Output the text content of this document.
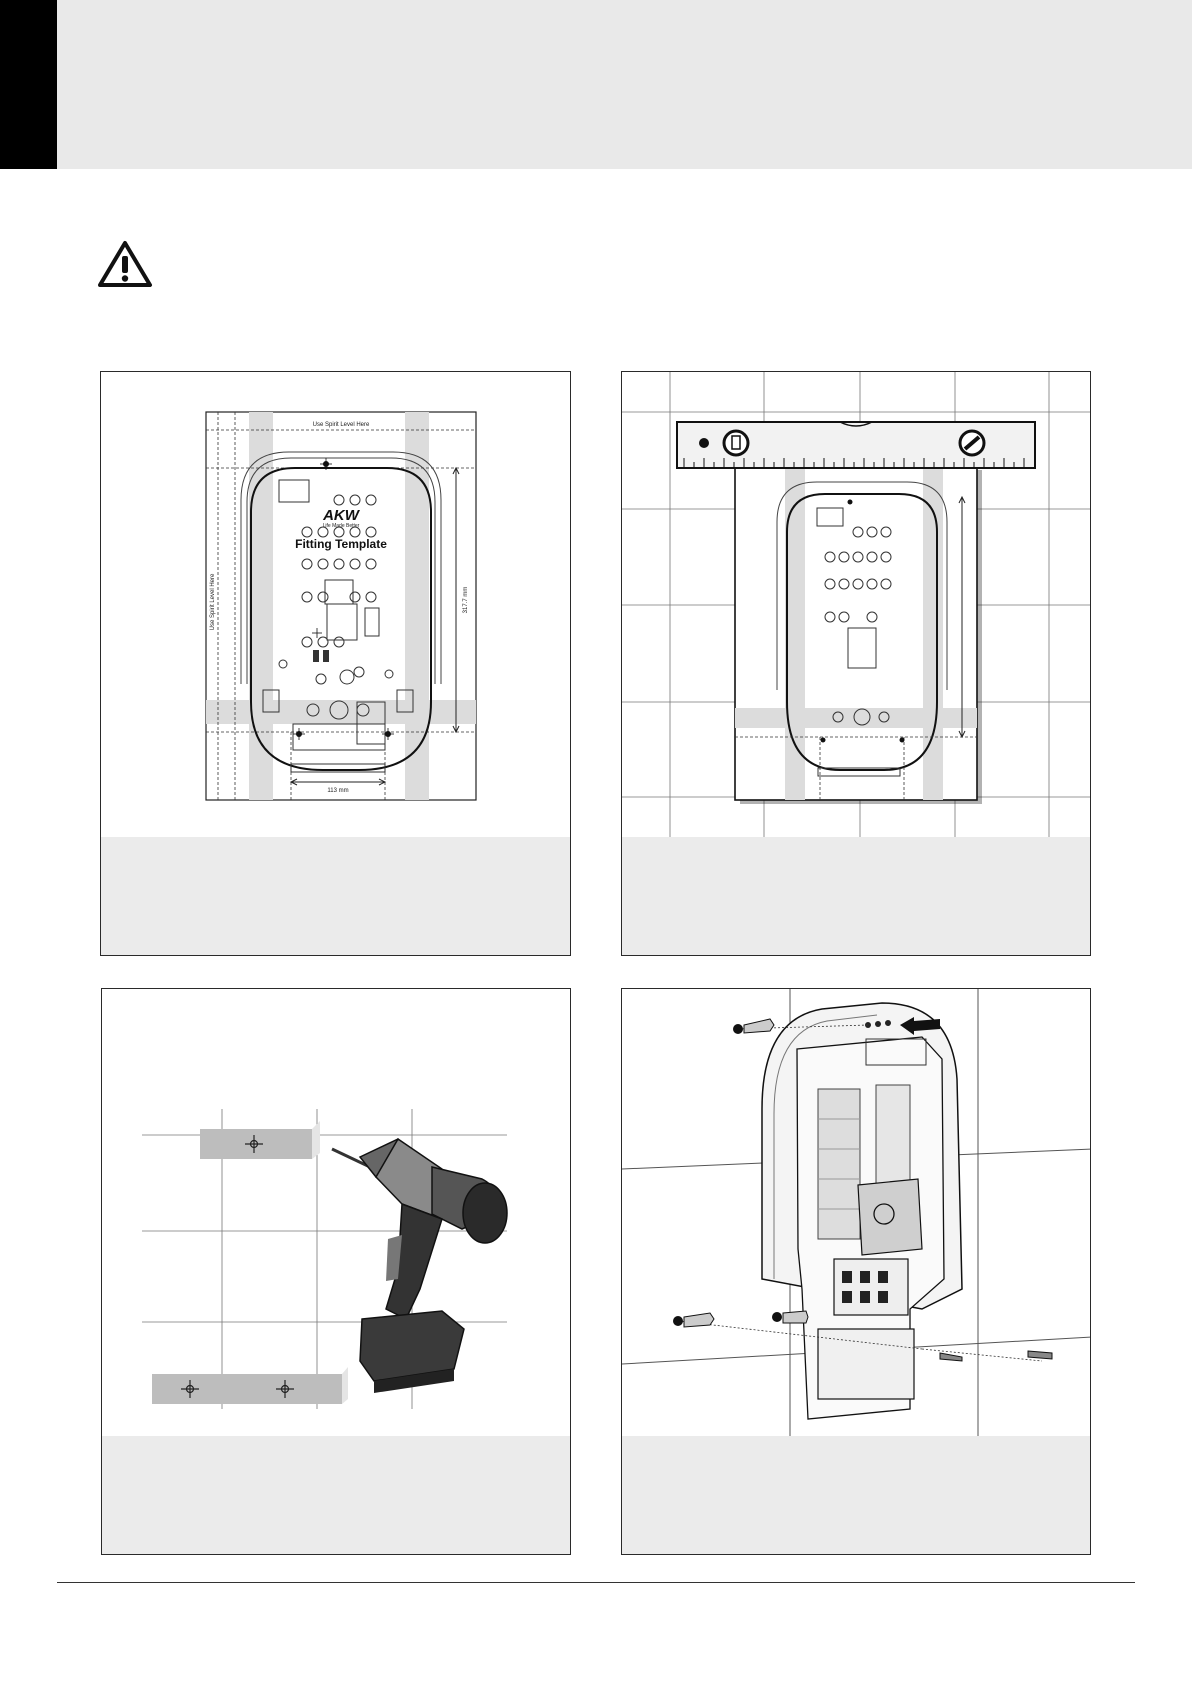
Use Spirit Level Here
Use Spirit Level Here
AKW
Life Made Better
Fitting Template
317.7 mm
113 mm
